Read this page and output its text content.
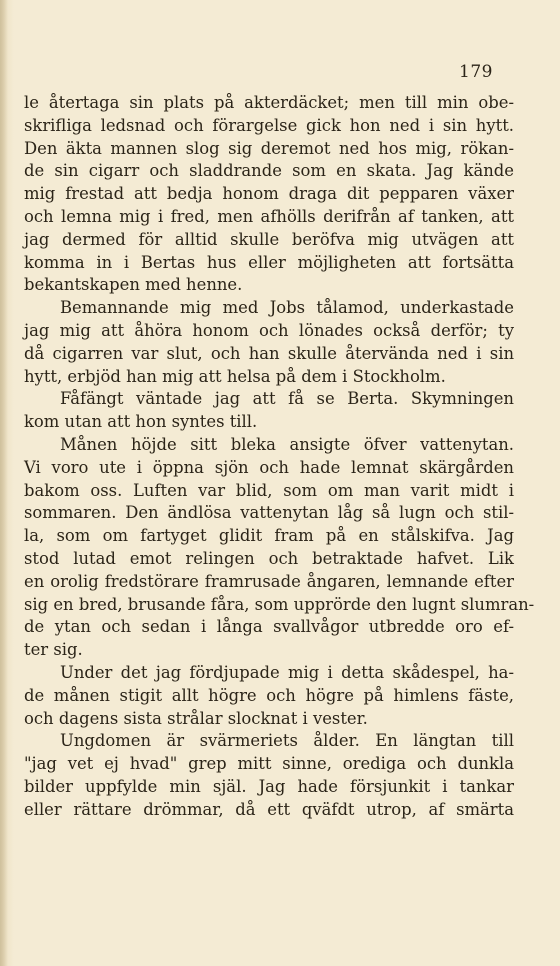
179
le återtaga sin plats på akterdäcket; men till min obe-
skrifliga ledsnad och förargelse gick hon ned i sin hytt.
Den äkta mannen slog sig deremot ned hos mig, rökan-
de sin cigarr och sladdrande som en skata. Jag kände
mig frestad att bedja honom draga dit pepparen växer
och lemna mig i fred, men afhölls derifrån af tanken, att
jag dermed för alltid skulle beröfva mig utvägen att
komma in i Bertas hus eller möjligheten att fortsätta
bekantskapen med henne.
Bemannande mig med Jobs tålamod, underkastade
jag mig att åhöra honom och lönades också derför; ty
då cigarren var slut, och han skulle återvända ned i sin
hytt, erbjöd han mig att helsa på dem i Stockholm.
Fåfängt väntade jag att få se Berta. Skymningen
kom utan att hon syntes till.
Månen höjde sitt bleka ansigte öfver vattenytan.
Vi voro ute i öppna sjön och hade lemnat skärgården
bakom oss. Luften var blid, som om man varit midt i
sommaren. Den ändlösa vattenytan låg så lugn och stil-
la, som om fartyget glidit fram på en stålskifva. Jag
stod lutad emot relingen och betraktade hafvet. Lik
en orolig fredstörare framrusade ångaren, lemnande efter
sig en bred, brusande fåra, som upprörde den lugnt slumran-
de ytan och sedan i långa svallvågor utbredde oro ef-
ter sig.
Under det jag fördjupade mig i detta skådespel, ha-
de månen stigit allt högre och högre på himlens fäste,
och dagens sista strålar slocknat i vester.
Ungdomen är svärmeriets ålder. En längtan till
"jag vet ej hvad" grep mitt sinne, orediga och dunkla
bilder uppfylde min själ. Jag hade försjunkit i tankar
eller rättare drömmar, då ett qväfdt utrop, af smärta
